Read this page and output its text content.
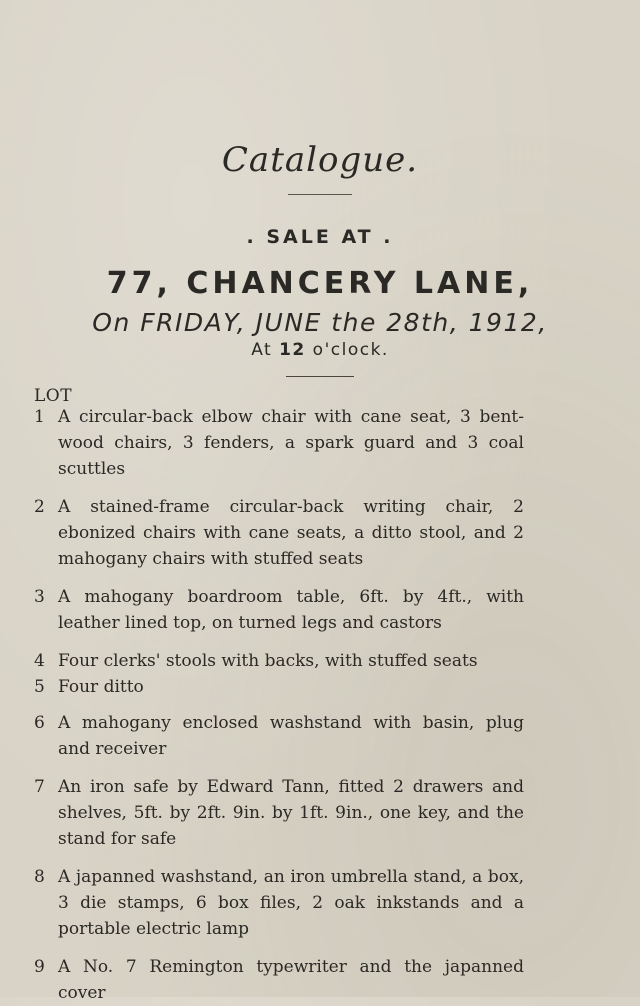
Catalogue.
. SALE AT .
77, CHANCERY LANE,
On FRIDAY, JUNE the 28th, 1912,
At 12 o'clock.
LOT
1 A circular-back elbow chair with cane seat, 3 bent-wood chairs, 3 fenders, a spark guard and 3 coal scuttles
2 A stained-frame circular-back writing chair, 2 ebonized chairs with cane seats, a ditto stool, and 2 mahogany chairs with stuffed seats
3 A mahogany boardroom table, 6ft. by 4ft., with leather lined top, on turned legs and castors
4 Four clerks' stools with backs, with stuffed seats
5 Four ditto
6 A mahogany enclosed washstand with basin, plug and receiver
7 An iron safe by Edward Tann, fitted 2 drawers and shelves, 5ft. by 2ft. 9in. by 1ft. 9in., one key, and the stand for safe
8 A japanned washstand, an iron umbrella stand, a box, 3 die stamps, 6 box files, 2 oak inkstands and a portable electric lamp
9 A No. 7 Remington typewriter and the japanned cover
